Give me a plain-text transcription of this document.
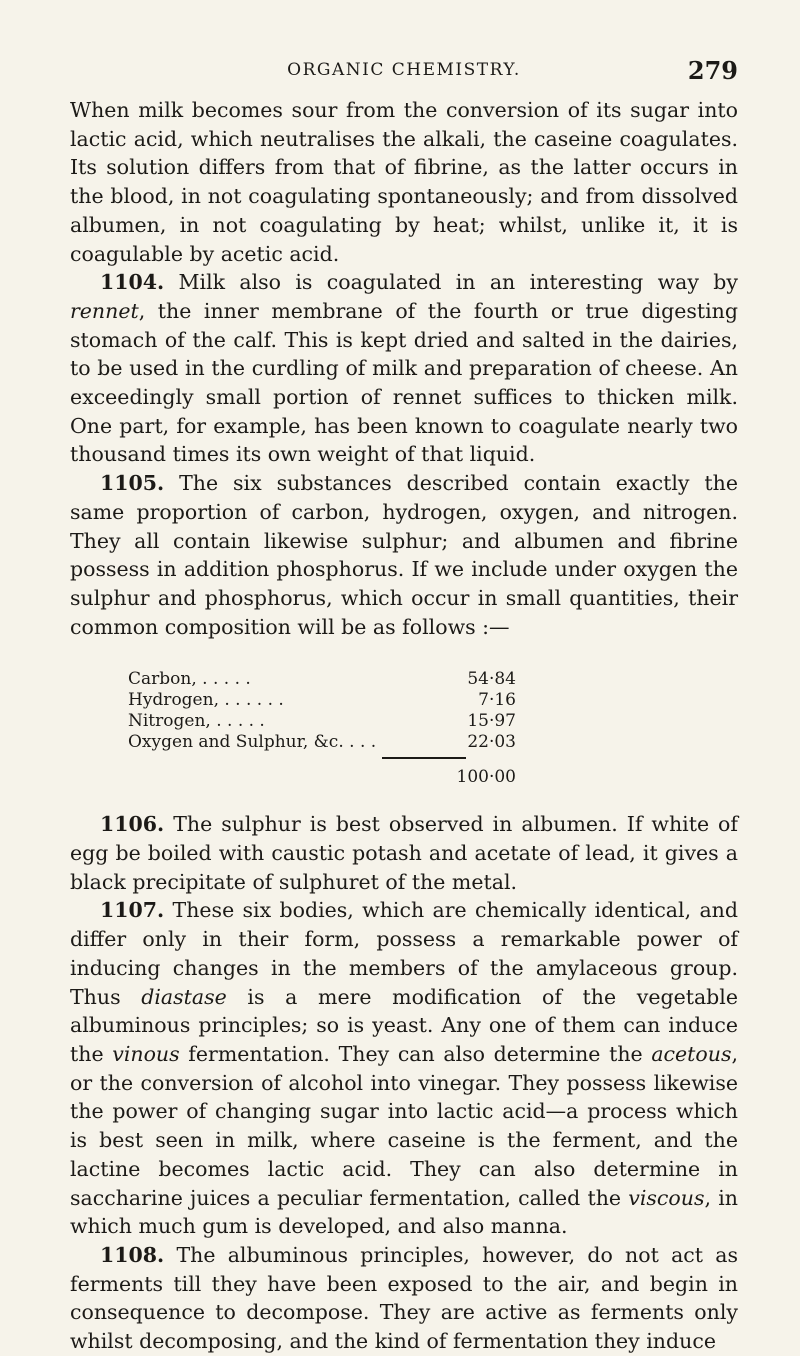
ORGANIC CHEMISTRY.	279

When milk becomes sour from the conversion of its sugar into lactic acid, which neutralises the alkali, the caseine coagulates. Its solution differs from that of fibrine, as the latter occurs in the blood, in not coagulating spontaneously; and from dissolved albumen, in not coagulating by heat; whilst, unlike it, it is coagulable by acetic acid.

1104. Milk also is coagulated in an interesting way by rennet, the inner membrane of the fourth or true digesting stomach of the calf. This is kept dried and salted in the dairies, to be used in the curdling of milk and preparation of cheese. An exceedingly small portion of rennet suffices to thicken milk. One part, for example, has been known to coagulate nearly two thousand times its own weight of that liquid.

1105. The six substances described contain exactly the same proportion of carbon, hydrogen, oxygen, and nitrogen. They all contain likewise sulphur; and albumen and fibrine possess in addition phosphorus. If we include under oxygen the sulphur and phosphorus, which occur in small quantities, their common composition will be as follows :—

Carbon, . . . . .	54·84
Hydrogen, . . . . . .	7·16
Nitrogen, . . . . .	15·97
Oxygen and Sulphur, &c. . . .	22·03
100·00

1106. The sulphur is best observed in albumen. If white of egg be boiled with caustic potash and acetate of lead, it gives a black precipitate of sulphuret of the metal.

1107. These six bodies, which are chemically identical, and differ only in their form, possess a remarkable power of inducing changes in the members of the amylaceous group. Thus diastase is a mere modification of the vegetable albuminous principles; so is yeast. Any one of them can induce the vinous fermentation. They can also determine the acetous, or the conversion of alcohol into vinegar. They possess likewise the power of changing sugar into lactic acid—a process which is best seen in milk, where caseine is the ferment, and the lactine becomes lactic acid. They can also determine in saccharine juices a peculiar fermentation, called the viscous, in which much gum is developed, and also manna.

1108. The albuminous principles, however, do not act as ferments till they have been exposed to the air, and begin in consequence to decompose. They are active as ferments only whilst decomposing, and the kind of fermentation they induce
